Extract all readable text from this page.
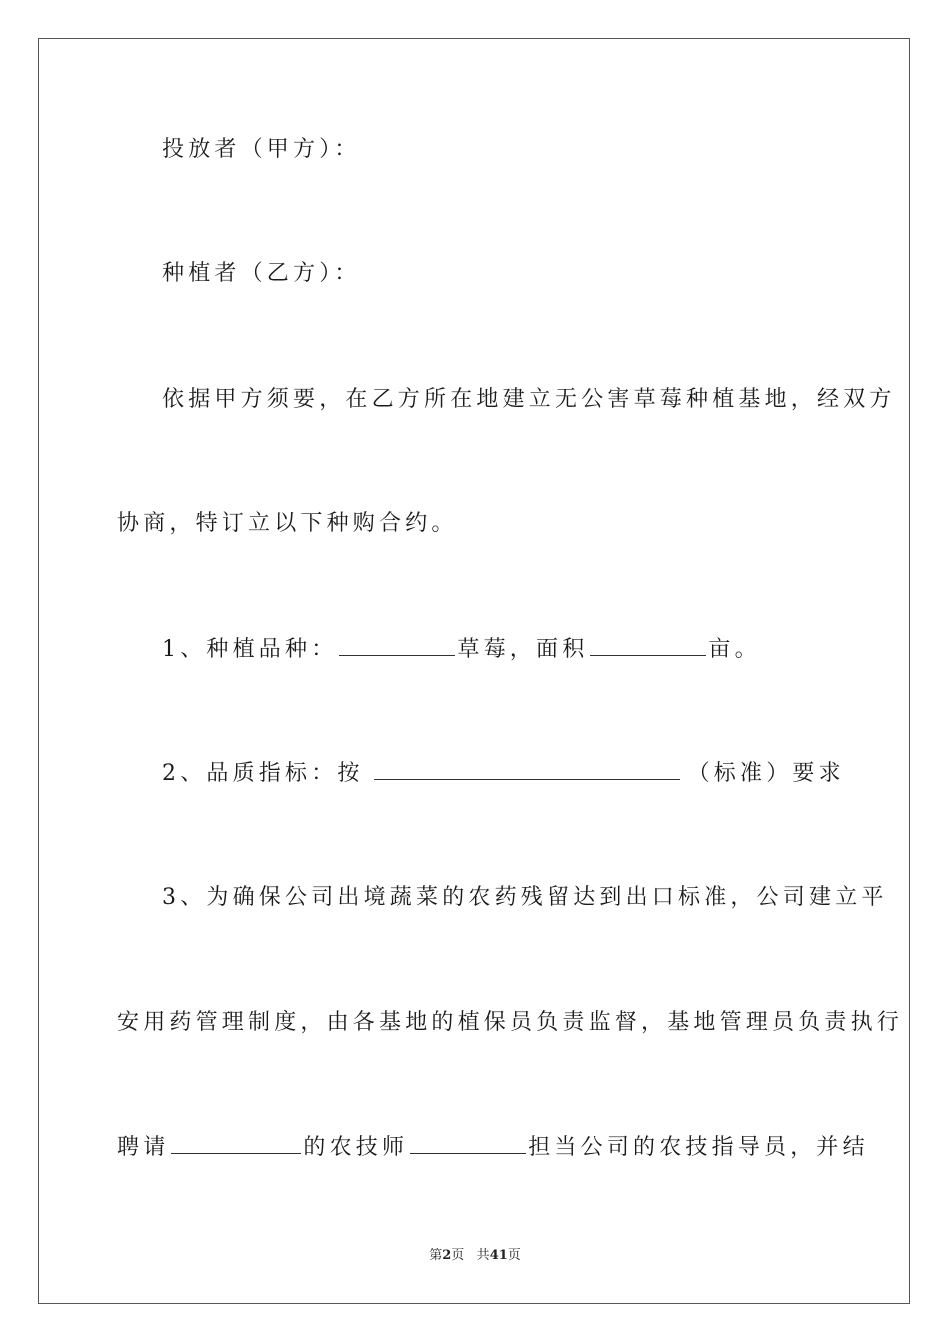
投放者（甲方）：
种植者（乙方）：
依据甲方须要，在乙方所在地建立无公害草莓种植基地，经双方
协商，特订立以下种购合约。
1、种植品种：	草莓，面积	亩。
2、品质指标：按	（标准）要求
3、为确保公司出境蔬菜的农药残留达到出口标准，公司建立平
安用药管理制度，由各基地的植保员负责监督，基地管理员负责执行
聘请	的农技师	担当公司的农技指导员，并结
第2页 共41页
